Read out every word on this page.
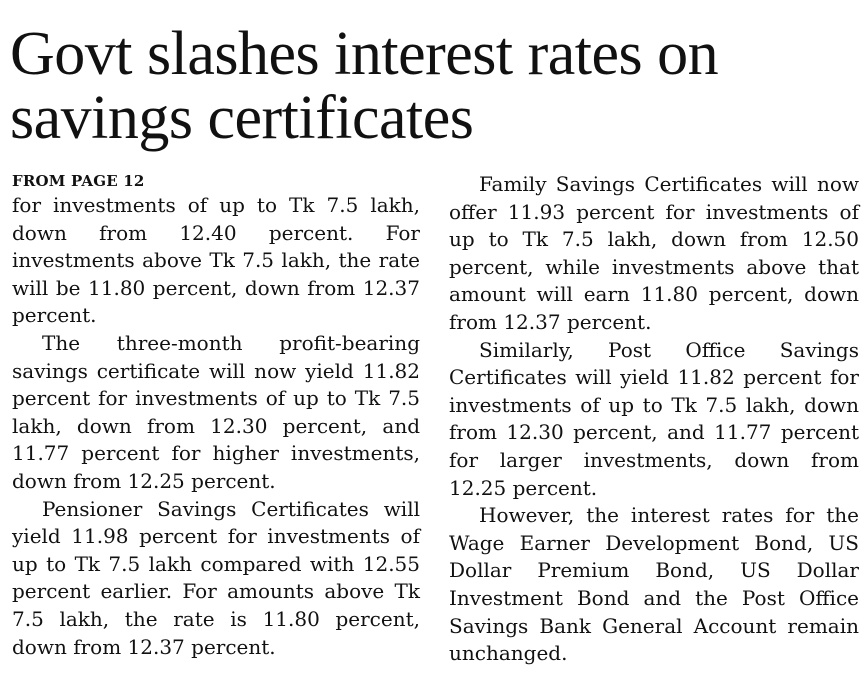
Govt slashes interest rates on savings certificates
FROM PAGE 12

for investments of up to Tk 7.5 lakh, down from 12.40 percent. For investments above Tk 7.5 lakh, the rate will be 11.80 percent, down from 12.37 percent.

The three-month profit-bearing savings certificate will now yield 11.82 percent for investments of up to Tk 7.5 lakh, down from 12.30 percent, and 11.77 percent for higher investments, down from 12.25 percent.

Pensioner Savings Certificates will yield 11.98 percent for investments of up to Tk 7.5 lakh compared with 12.55 percent earlier. For amounts above Tk 7.5 lakh, the rate is 11.80 percent, down from 12.37 percent.

Family Savings Certificates will now offer 11.93 percent for investments of up to Tk 7.5 lakh, down from 12.50 percent, while investments above that amount will earn 11.80 percent, down from 12.37 percent.

Similarly, Post Office Savings Certificates will yield 11.82 percent for investments of up to Tk 7.5 lakh, down from 12.30 percent, and 11.77 percent for larger investments, down from 12.25 percent.

However, the interest rates for the Wage Earner Development Bond, US Dollar Premium Bond, US Dollar Investment Bond and the Post Office Savings Bank General Account remain unchanged.
